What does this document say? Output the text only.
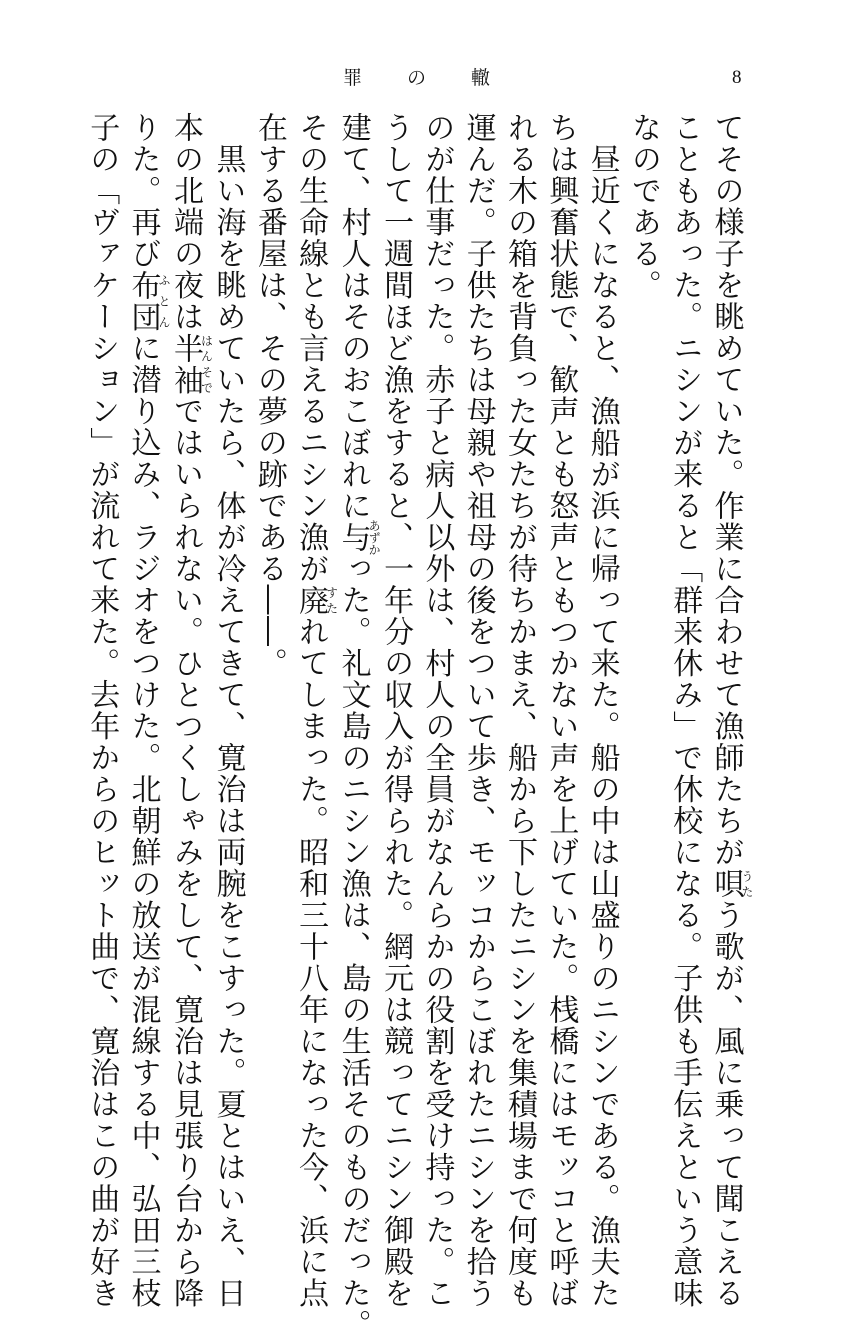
罪 の 轍	8
てその様子を眺めていた。作業に合わせて漁師たちが唄うたう歌が、風に乗って聞こえる
こともあった。ニシンが来ると「群来休み」で休校になる。子供も手伝えという意味
なのである。
　昼近くになると、漁船が浜に帰って来た。船の中は山盛りのニシンである。漁夫た
ちは興奮状態で、歓声とも怒声ともつかない声を上げていた。桟橋にはモッコと呼ば
れる木の箱を背負った女たちが待ちかまえ、船から下したニシンを集積場まで何度も
運んだ。子供たちは母親や祖母の後をついて歩き、モッコからこぼれたニシンを拾う
のが仕事だった。赤子と病人以外は、村人の全員がなんらかの役割を受け持った。こ
うして一週間ほど漁をすると、一年分の収入が得られた。網元は競ってニシン御殿を
建て、村人はそのおこぼれに与あずかった。礼文島のニシン漁は、島の生活そのものだった。
その生命線とも言えるニシン漁が廃すたれてしまった。昭和三十八年になった今、浜に点
在する番屋は、その夢の跡である――。
　黒い海を眺めていたら、体が冷えてきて、寛治は両腕をこすった。夏とはいえ、日
本の北端の夜は半袖はんそでではいられない。ひとつくしゃみをして、寛治は見張り台から降
りた。再び布団ふとんに潜り込み、ラジオをつけた。北朝鮮の放送が混線する中、弘田三枝
子の「ヴァケーション」が流れて来た。去年からのヒット曲で、寛治はこの曲が好き
